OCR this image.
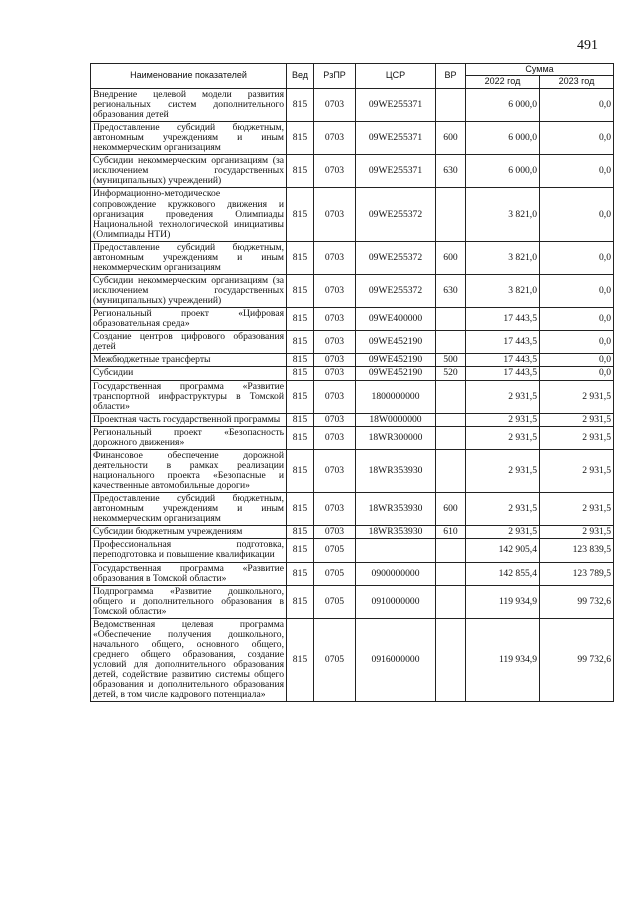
491
Наименование показателей	Вед	РзПР	ЦСР	ВР	Сумма	
					2022 год	2023 год
Внедрение целевой модели развития региональных систем дополнительного образования детей	815	0703	09WE255371		6 000,0	0,0
Предоставление субсидий бюджетным, автономным учреждениям и иным некоммерческим организациям	815	0703	09WE255371	600	6 000,0	0,0
Субсидии некоммерческим организациям (за исключением государственных (муниципальных) учреждений)	815	0703	09WE255371	630	6 000,0	0,0
Информационно-методическое сопровождение кружкового движения и организация проведения Олимпиады Национальной технологической инициативы (Олимпиады НТИ)	815	0703	09WE255372		3 821,0	0,0
Предоставление субсидий бюджетным, автономным учреждениям и иным некоммерческим организациям	815	0703	09WE255372	600	3 821,0	0,0
Субсидии некоммерческим организациям (за исключением государственных (муниципальных) учреждений)	815	0703	09WE255372	630	3 821,0	0,0
Региональный проект «Цифровая образовательная среда»	815	0703	09WE400000		17 443,5	0,0
Создание центров цифрового образования детей	815	0703	09WE452190		17 443,5	0,0
Межбюджетные трансферты	815	0703	09WE452190	500	17 443,5	0,0
Субсидии	815	0703	09WE452190	520	17 443,5	0,0
Государственная программа «Развитие транспортной инфраструктуры в Томской области»	815	0703	1800000000		2 931,5	2 931,5
Проектная часть государственной программы	815	0703	18W0000000		2 931,5	2 931,5
Региональный проект «Безопасность дорожного движения»	815	0703	18WR300000		2 931,5	2 931,5
Финансовое обеспечение дорожной деятельности в рамках реализации национального проекта «Безопасные и качественные автомобильные дороги»	815	0703	18WR353930		2 931,5	2 931,5
Предоставление субсидий бюджетным, автономным учреждениям и иным некоммерческим организациям	815	0703	18WR353930	600	2 931,5	2 931,5
Субсидии бюджетным учреждениям	815	0703	18WR353930	610	2 931,5	2 931,5
Профессиональная подготовка, переподготовка и повышение квалификации	815	0705			142 905,4	123 839,5
Государственная программа «Развитие образования в Томской области»	815	0705	0900000000		142 855,4	123 789,5
Подпрограмма «Развитие дошкольного, общего и дополнительного образования в Томской области»	815	0705	0910000000		119 934,9	99 732,6
Ведомственная целевая программа «Обеспечение получения дошкольного, начального общего, основного общего, среднего общего образования, создание условий для дополнительного образования детей, содействие развитию системы общего образования и дополнительного образования детей, в том числе кадрового потенциала»	815	0705	0916000000		119 934,9	99 732,6
